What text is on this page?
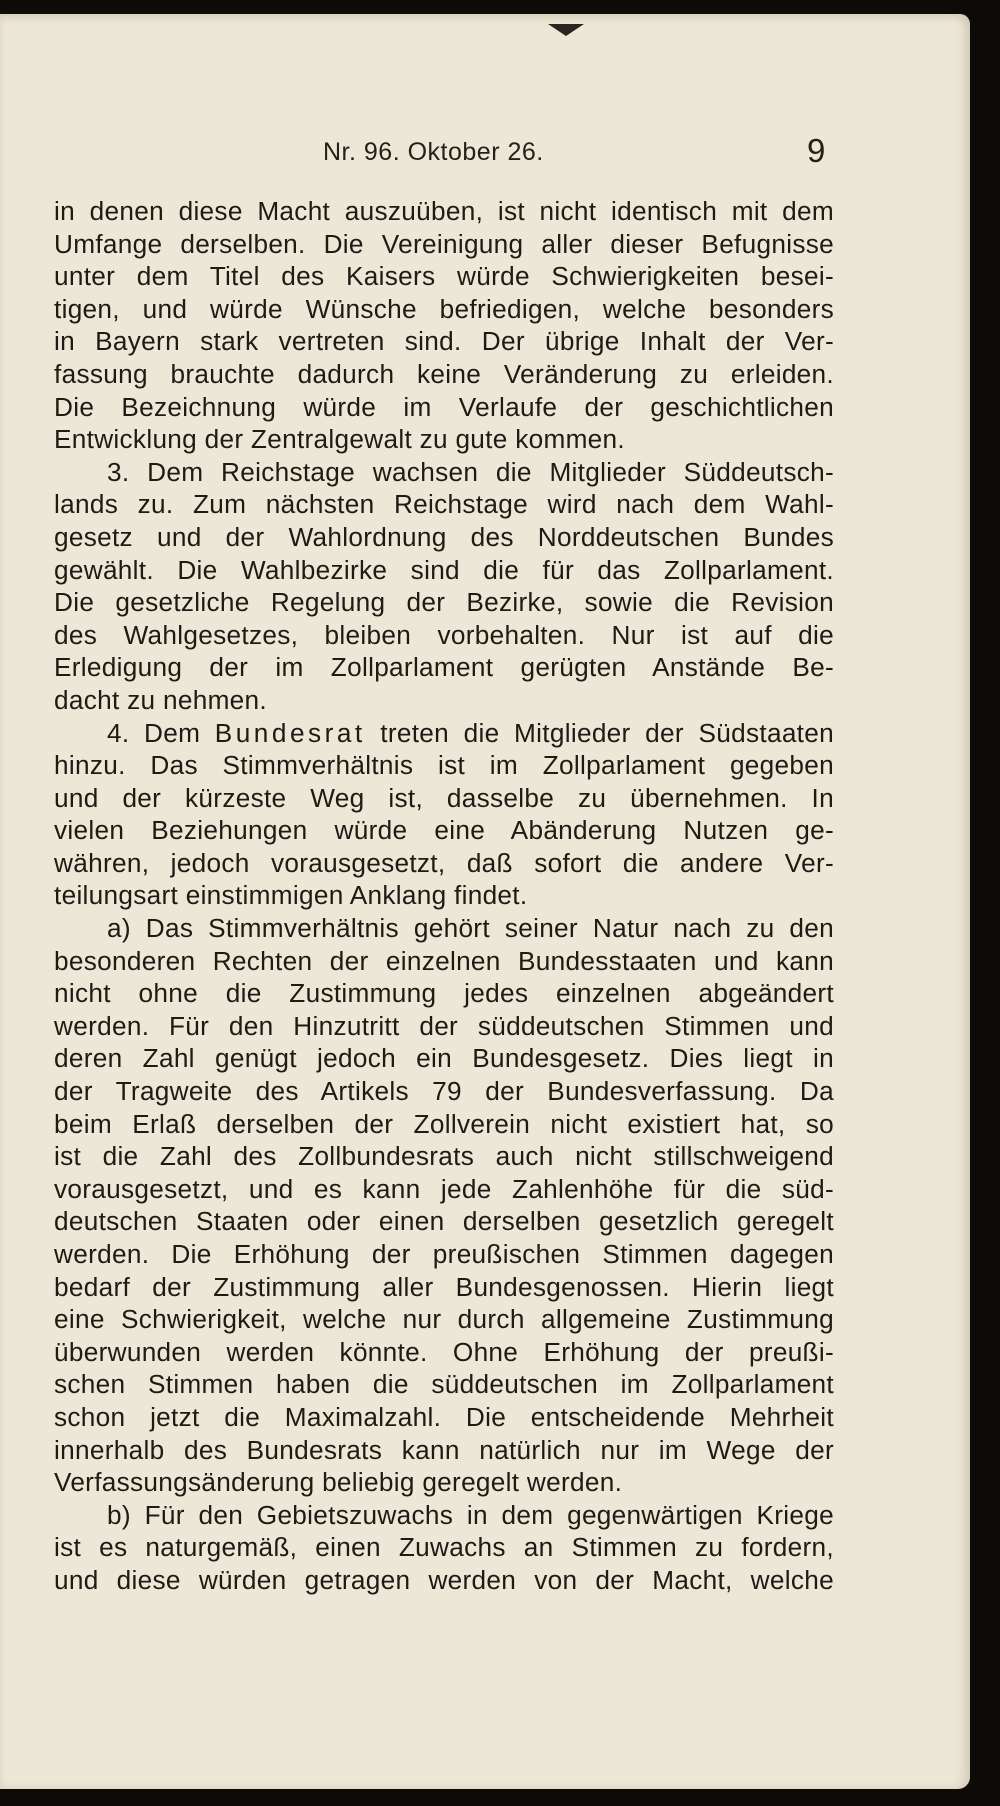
Nr. 96. Oktober 26.	9
in denen diese Macht auszuüben, ist nicht identisch mit dem
Umfange derselben. Die Vereinigung aller dieser Befugnisse
unter dem Titel des Kaisers würde Schwierigkeiten besei-
tigen, und würde Wünsche befriedigen, welche besonders
in Bayern stark vertreten sind. Der übrige Inhalt der Ver-
fassung brauchte dadurch keine Veränderung zu erleiden.
Die Bezeichnung würde im Verlaufe der geschichtlichen
Entwicklung der Zentralgewalt zu gute kommen.
  3. Dem Reichstage wachsen die Mitglieder Süddeutsch-
lands zu. Zum nächsten Reichstage wird nach dem Wahl-
gesetz und der Wahlordnung des Norddeutschen Bundes
gewählt. Die Wahlbezirke sind die für das Zollparlament.
Die gesetzliche Regelung der Bezirke, sowie die Revision
des Wahlgesetzes, bleiben vorbehalten. Nur ist auf die
Erledigung der im Zollparlament gerügten Anstände Be-
dacht zu nehmen.
  4. Dem Bundesrat treten die Mitglieder der Südstaaten
hinzu. Das Stimmverhältnis ist im Zollparlament gegeben
und der kürzeste Weg ist, dasselbe zu übernehmen. In
vielen Beziehungen würde eine Abänderung Nutzen ge-
währen, jedoch vorausgesetzt, daß sofort die andere Ver-
teilungsart einstimmigen Anklang findet.
  a) Das Stimmverhältnis gehört seiner Natur nach zu den
besonderen Rechten der einzelnen Bundesstaaten und kann
nicht ohne die Zustimmung jedes einzelnen abgeändert
werden. Für den Hinzutritt der süddeutschen Stimmen und
deren Zahl genügt jedoch ein Bundesgesetz. Dies liegt in
der Tragweite des Artikels 79 der Bundesverfassung. Da
beim Erlaß derselben der Zollverein nicht existiert hat, so
ist die Zahl des Zollbundesrats auch nicht stillschweigend
vorausgesetzt, und es kann jede Zahlenhöhe für die süd-
deutschen Staaten oder einen derselben gesetzlich geregelt
werden. Die Erhöhung der preußischen Stimmen dagegen
bedarf der Zustimmung aller Bundesgenossen. Hierin liegt
eine Schwierigkeit, welche nur durch allgemeine Zustimmung
überwunden werden könnte. Ohne Erhöhung der preußi-
schen Stimmen haben die süddeutschen im Zollparlament
schon jetzt die Maximalzahl. Die entscheidende Mehrheit
innerhalb des Bundesrats kann natürlich nur im Wege der
Verfassungsänderung beliebig geregelt werden.
  b) Für den Gebietszuwachs in dem gegenwärtigen Kriege
ist es naturgemäß, einen Zuwachs an Stimmen zu fordern,
und diese würden getragen werden von der Macht, welche
